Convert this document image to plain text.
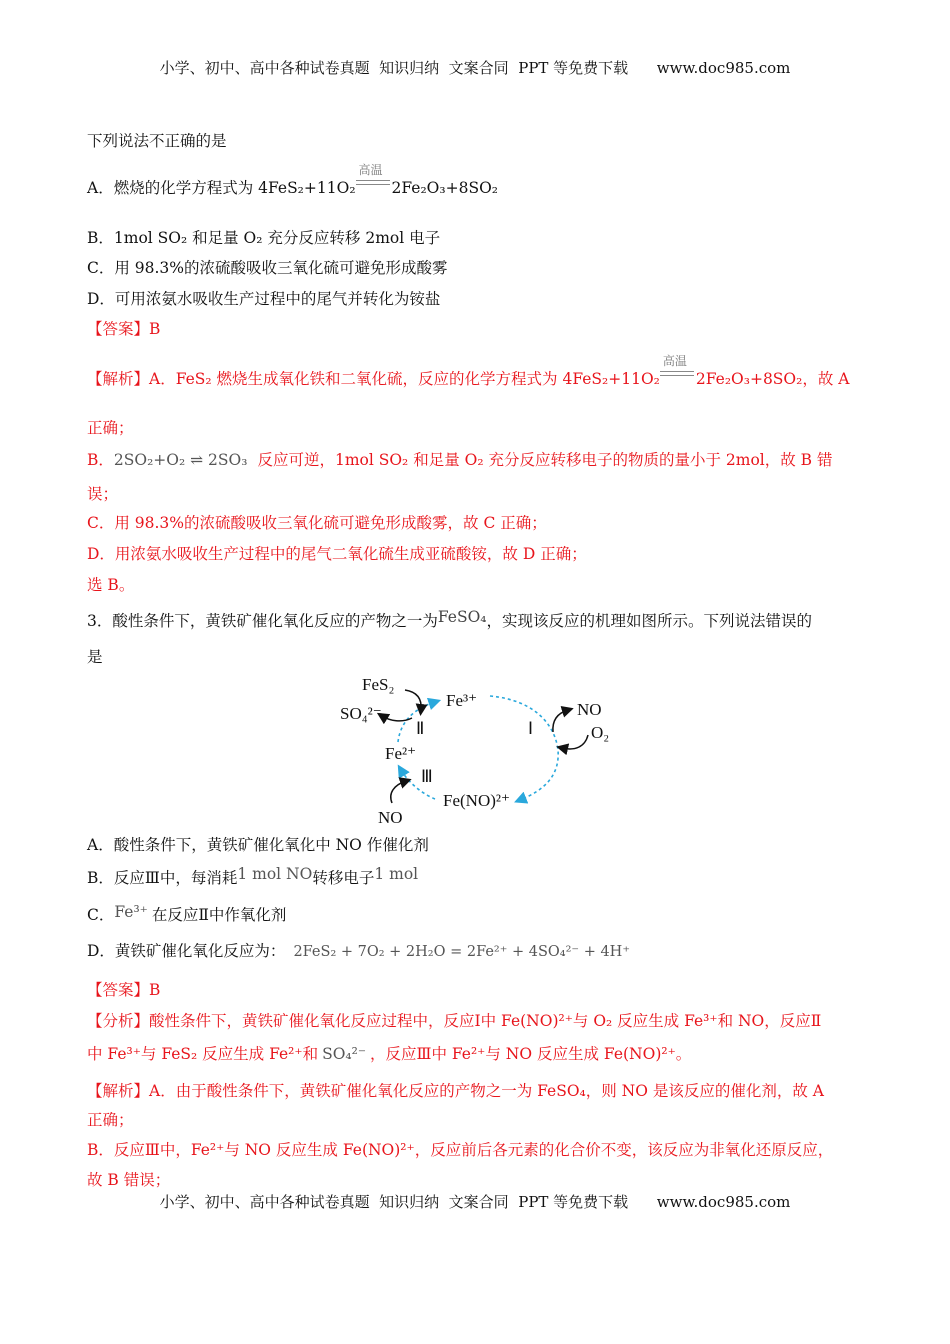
小学、初中、高中各种试卷真题  知识归纳  文案合同  PPT 等免费下载      www.doc985.com
下列说法不正确的是
A．燃烧的化学方程式为 4FeS₂+11O₂
高温
2Fe₂O₃+8SO₂
B．1mol SO₂ 和足量 O₂ 充分反应转移 2mol 电子
C．用 98.3%的浓硫酸吸收三氧化硫可避免形成酸雾
D．可用浓氨水吸收生产过程中的尾气并转化为铵盐
【答案】B
【解析】A．FeS₂ 燃烧生成氧化铁和二氧化硫，反应的化学方程式为 4FeS₂+11O₂
高温
2Fe₂O₃+8SO₂，故 A
正确；
B．2SO₂+O₂ ⇌ 2SO₃ 反应可逆，1mol SO₂ 和足量 O₂ 充分反应转移电子的物质的量小于 2mol，故 B 错
误；
C．用 98.3%的浓硫酸吸收三氧化硫可避免形成酸雾，故 C 正确；
D．用浓氨水吸收生产过程中的尾气二氧化硫生成亚硫酸铵，故 D 正确；
选 B。
3．酸性条件下，黄铁矿催化氧化反应的产物之一为FeSO₄，实现该反应的机理如图所示。下列说法错误的
是
FeS₂
SO₄²⁻
Fe³⁺
Ⅱ	Ⅰ
NO
O₂
Fe²⁺
Ⅲ
Fe(NO)²⁺
NO
A．酸性条件下，黄铁矿催化氧化中 NO 作催化剂
B．反应Ⅲ中，每消耗1 mol NO转移电子1 mol
C．Fe³⁺ 在反应Ⅱ中作氧化剂
D．黄铁矿催化氧化反应为： 2FeS₂ + 7O₂ + 2H₂O = 2Fe²⁺ + 4SO₄²⁻ + 4H⁺
【答案】B
【分析】酸性条件下，黄铁矿催化氧化反应过程中，反应Ⅰ中 Fe(NO)²⁺与 O₂ 反应生成 Fe³⁺和 NO，反应Ⅱ
中 Fe³⁺与 FeS₂ 反应生成 Fe²⁺和 SO₄²⁻ ，反应Ⅲ中 Fe²⁺与 NO 反应生成 Fe(NO)²⁺。
【解析】A．由于酸性条件下，黄铁矿催化氧化反应的产物之一为 FeSO₄，则 NO 是该反应的催化剂，故 A
正确；
B．反应Ⅲ中，Fe²⁺与 NO 反应生成 Fe(NO)²⁺，反应前后各元素的化合价不变，该反应为非氧化还原反应，
故 B 错误；
小学、初中、高中各种试卷真题  知识归纳  文案合同  PPT 等免费下载      www.doc985.com
